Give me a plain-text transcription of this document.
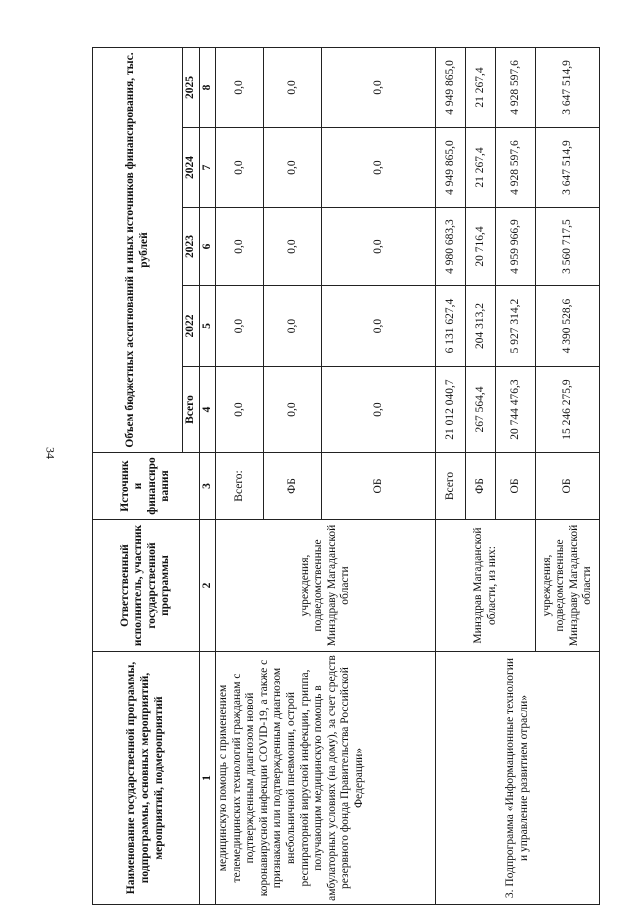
34
Наименование государственной программы, подпрограммы, основных мероприятий, мероприятий, подмероприятий	Ответственный исполнитель, участник государственной программы	Источник и финансиро вания	Объем бюджетных ассигнований и иных источников финансирования, тыс. рублей				
			Всего	2022	2023	2024	2025
1	2	3	4	5	6	7	8
медицинскую помощь с применением телемедицинских технологий гражданам с подтвержденным диагнозом новой коронавирусной инфекции COVID-19, а также с признаками или подтвержденным диагнозом внебольничной пневмонии, острой респираторной вирусной инфекции, гриппа, получающим медицинскую помощь в амбулаторных условиях (на дому), за счет средств резервного фонда Правительства Российской Федерации»	учреждения, подведомственные Минздраву Магаданской области	Всего:	0,0	0,0	0,0	0,0	0,0
		ФБ	0,0	0,0	0,0	0,0	0,0
		ОБ	0,0	0,0	0,0	0,0	0,0
3. Подпрограмма «Информационные технологии и управление развитием отрасли»	Минздрав Магаданской области, из них:	Всего	21 012 040,7	6 131 627,4	4 980 683,3	4 949 865,0	4 949 865,0
		ФБ	267 564,4	204 313,2	20 716,4	21 267,4	21 267,4
		ОБ	20 744 476,3	5 927 314,2	4 959 966,9	4 928 597,6	4 928 597,6
	учреждения, подведомственные Минздраву Магаданской области	ОБ	15 246 275,9	4 390 528,6	3 560 717,5	3 647 514,9	3 647 514,9
